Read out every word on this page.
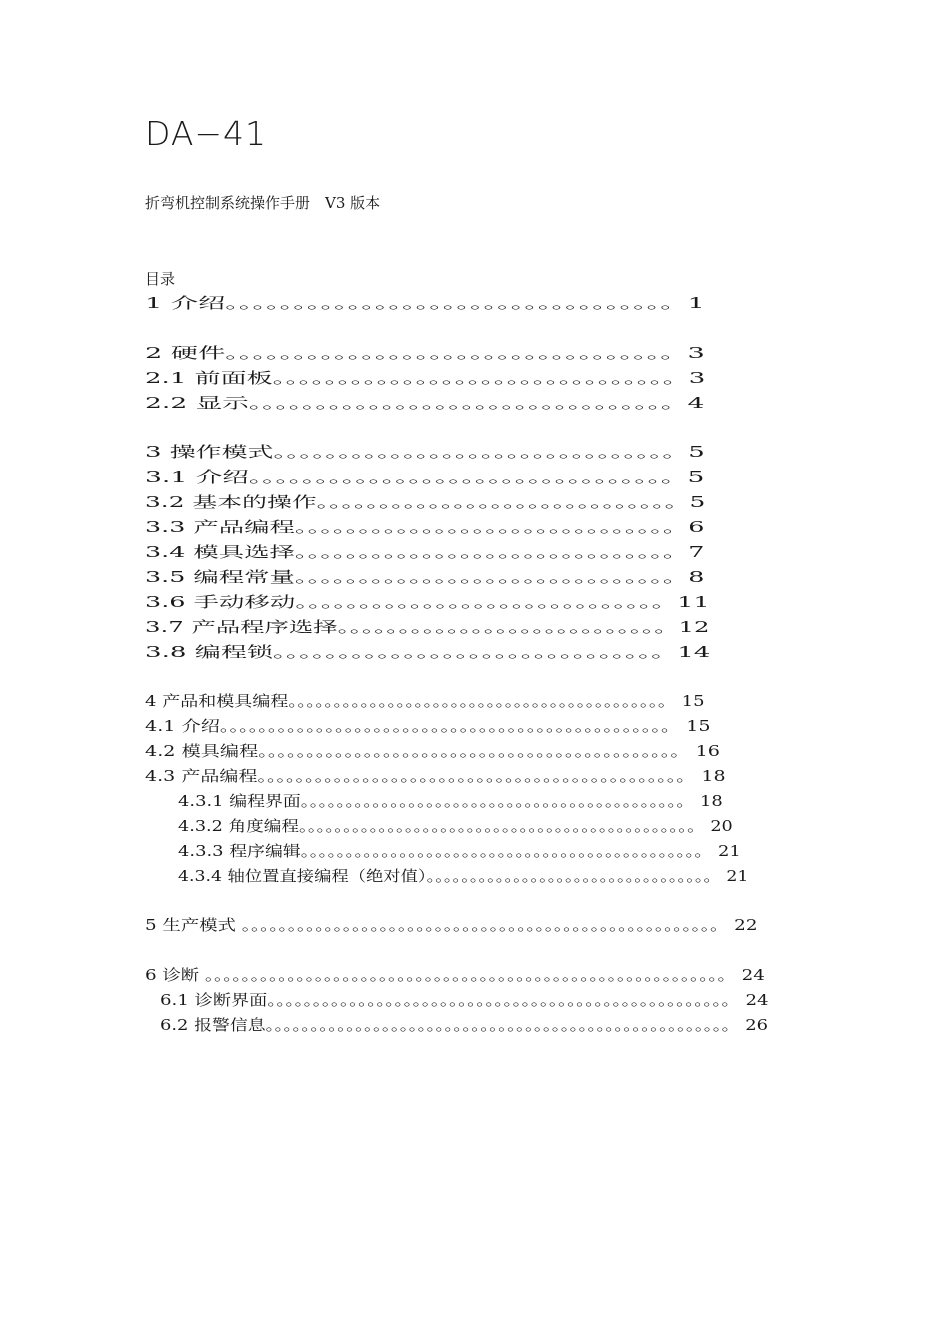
DA−41

折弯机控制系统操作手册　V3 版本

目录

1 介绍。。。。。。。。。。。。。。。。。。。。。。。。。。。。。。。。。1
2 硬件。。。。。。。。。。。。。。。。。。。。。。。。。。。。。。。。。3
2.1 前面板。。。。。。。。。。。。。。。。。。。。。。。。。。。。。。。3
2.2 显示。。。。。。。。。。。。。。。。。。。。。。。。。。。。。。。。4
3 操作模式。。。。。。。。。。。。。。。。。。。。。。。。。。。。。。。5
3.1 介绍。。。。。。。。。。。。。。。。。。。。。。。。。。。。。。。。5
3.2 基本的操作。。。。。。。。。。。。。。。。。。。。。。。。。。。。。5
3.3 产品编程。。。。。。。。。。。。。。。。。。。。。。。。。。。。。。6
3.4 模具选择。。。。。。。。。。。。。。。。。。。。。。。。。。。。。。7
3.5 编程常量。。。。。。。。。。。。。。。。。。。。。。。。。。。。。。8
3.6 手动移动。。。。。。。。。。。。。。。。。。。。。。。。。。。。。11
3.7 产品程序选择。。。。。。。。。。。。。。。。。。。。。。。。。。。12
3.8 编程锁。。。。。。。。。。。。。。。。。。。。。。。。。。。。。。14
4 产品和模具编程。。。。。。。。。。。。。。。。。。。。。。。。。。。。。。。。。。。。。。。。。。 15
4.1 介绍。。。。。。。。。。。。。。。。。。。。。。。。。。。。。。。。。。。。。。。。。。。。。。。 15
4.2 模具编程。。。。。。。。。。。。。。。。。。。。。。。。。。。。。。。。。。。。。。。。。。。。 16
4.3 产品编程。。。。。。。。。。。。。。。。。。。。。。。。。。。。。。。。。。。。。。。。。。。。。 18
4.3.1 编程界面。。。。。。。。。。。。。。。。。。。。。。。。。。。。。。。。。。。。。。。。。。。 18
4.3.2 角度编程。。。。。。。。。。。。。。。。。。。。。。。。。。。。。。。。。。。。。。。。。。。。。 20
4.3.3 程序编辑。。。。。。。。。。。。。。。。。。。。。。。。。。。。。。。。。。。。。。。。。。。。。 21
4.3.4 轴位置直接编程（绝对值）。。。。。。。。。。。。。。。。。。。。。。。。。。。。。。。。。 21
5 生产模式 。。。。。。。。。。。。。。。。。。。。。。。。。。。。。。。。。。。。。。。。。。。。。。。。。。。。 22
6 诊断 。。。。。。。。。。。。。。。。。。。。。。。。。。。。。。。。。。。。。。。。。。。。。。。。。。。。。。。。。 24
6.1 诊断界面。。。。。。。。。。。。。。。。。。。。。。。。。。。。。。。。。。。。。。。。。。。。。。。。。。。 24
6.2 报警信息。。。。。。。。。。。。。。。。。。。。。。。。。。。。。。。。。。。。。。。。。。。。。。。。。。。。 26
